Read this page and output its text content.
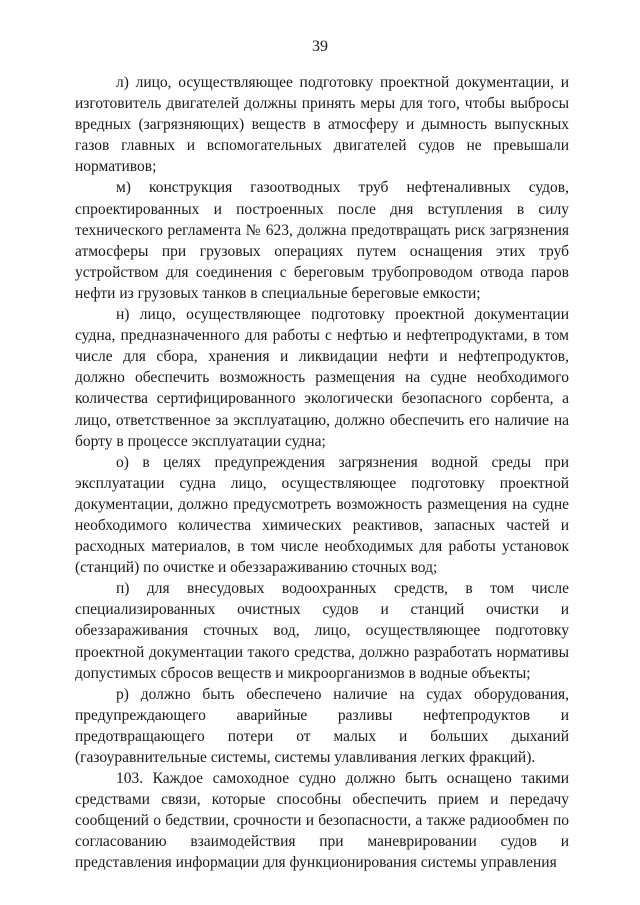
39

л) лицо, осуществляющее подготовку проектной документации, и изготовитель двигателей должны принять меры для того, чтобы выбросы вредных (загрязняющих) веществ в атмосферу и дымность выпускных газов главных и вспомогательных двигателей судов не превышали нормативов;

м) конструкция газоотводных труб нефтеналивных судов, спроектированных и построенных после дня вступления в силу технического регламента № 623, должна предотвращать риск загрязнения атмосферы при грузовых операциях путем оснащения этих труб устройством для соединения с береговым трубопроводом отвода паров нефти из грузовых танков в специальные береговые емкости;

н) лицо, осуществляющее подготовку проектной документации судна, предназначенного для работы с нефтью и нефтепродуктами, в том числе для сбора, хранения и ликвидации нефти и нефтепродуктов, должно обеспечить возможность размещения на судне необходимого количества сертифицированного экологически безопасного сорбента, а лицо, ответственное за эксплуатацию, должно обеспечить его наличие на борту в процессе эксплуатации судна;

о) в целях предупреждения загрязнения водной среды при эксплуатации судна лицо, осуществляющее подготовку проектной документации, должно предусмотреть возможность размещения на судне необходимого количества химических реактивов, запасных частей и расходных материалов, в том числе необходимых для работы установок (станций) по очистке и обеззараживанию сточных вод;

п) для внесудовых водоохранных средств, в том числе специализированных очистных судов и станций очистки и обеззараживания сточных вод, лицо, осуществляющее подготовку проектной документации такого средства, должно разработать нормативы допустимых сбросов веществ и микроорганизмов в водные объекты;

р) должно быть обеспечено наличие на судах оборудования, предупреждающего аварийные разливы нефтепродуктов и предотвращающего потери от малых и больших дыханий (газоуравнительные системы, системы улавливания легких фракций).

103. Каждое самоходное судно должно быть оснащено такими средствами связи, которые способны обеспечить прием и передачу сообщений о бедствии, срочности и безопасности, а также радиообмен по согласованию взаимодействия при маневрировании судов и представления информации для функционирования системы управления
